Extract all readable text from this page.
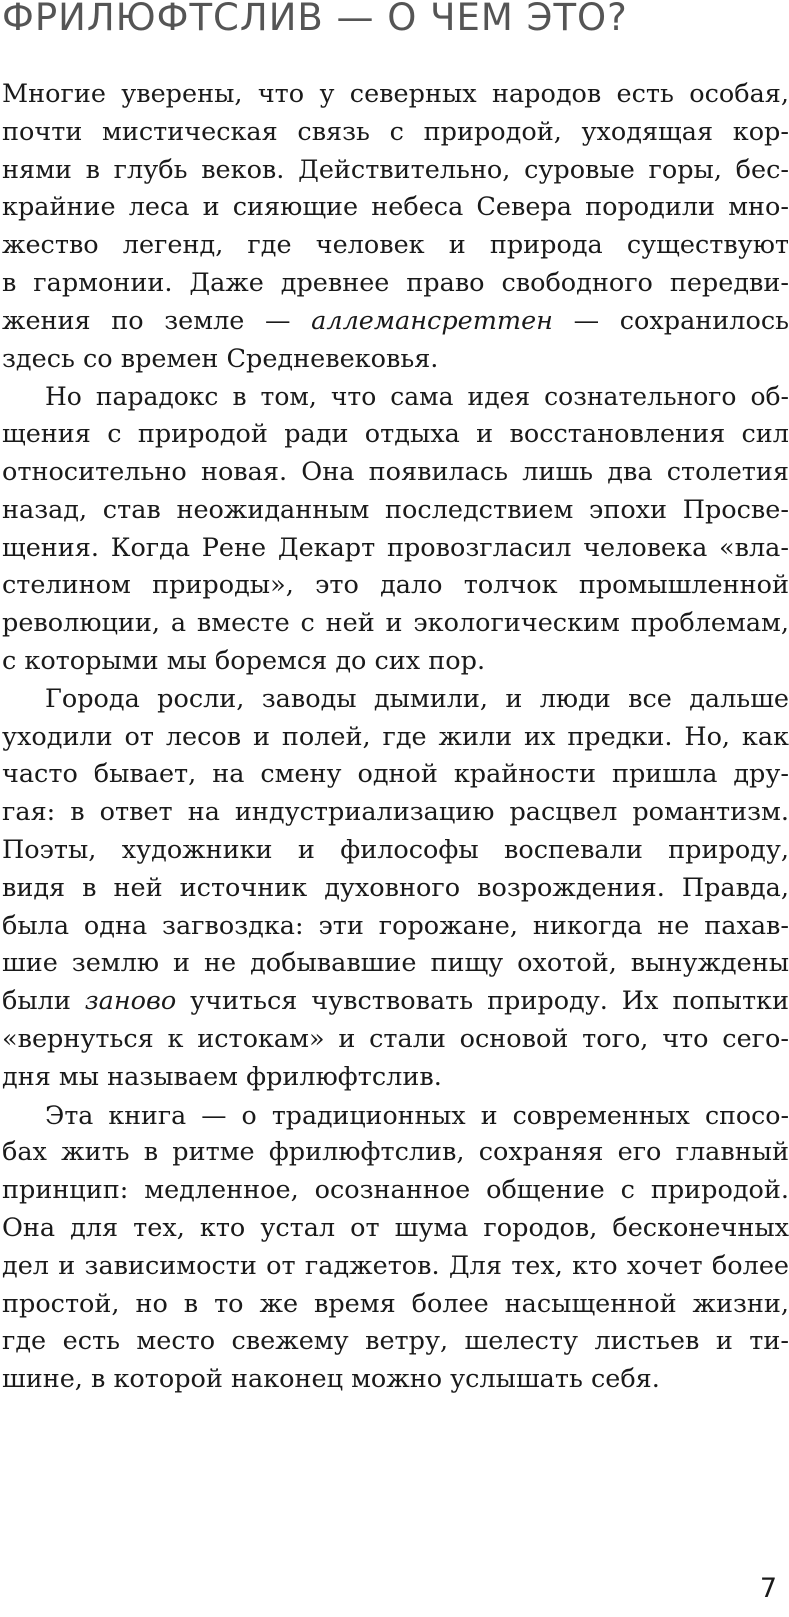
ФРИЛЮФТСЛИВ — О ЧЕМ ЭТО?
Многие уверены, что у северных народов есть особая,
почти мистическая связь с природой, уходящая кор-
нями в глубь веков. Действительно, суровые горы, бес-
крайние леса и сияющие небеса Севера породили мно-
жество легенд, где человек и природа существуют
в гармонии. Даже древнее право свободного передви-
жения по земле — аллемансреттен — сохранилось
здесь со времен Средневековья.
Но парадокс в том, что сама идея сознательного об-
щения с природой ради отдыха и восстановления сил
относительно новая. Она появилась лишь два столетия
назад, став неожиданным последствием эпохи Просве-
щения. Когда Рене Декарт провозгласил человека «вла-
стелином природы», это дало толчок промышленной
революции, а вместе с ней и экологическим проблемам,
с которыми мы боремся до сих пор.
Города росли, заводы дымили, и люди все дальше
уходили от лесов и полей, где жили их предки. Но, как
часто бывает, на смену одной крайности пришла дру-
гая: в ответ на индустриализацию расцвел романтизм.
Поэты, художники и философы воспевали природу,
видя в ней источник духовного возрождения. Правда,
была одна загвоздка: эти горожане, никогда не пахав-
шие землю и не добывавшие пищу охотой, вынуждены
были заново учиться чувствовать природу. Их попытки
«вернуться к истокам» и стали основой того, что сего-
дня мы называем фрилюфтслив.
Эта книга — о традиционных и современных спосо-
бах жить в ритме фрилюфтслив, сохраняя его главный
принцип: медленное, осознанное общение с природой.
Она для тех, кто устал от шума городов, бесконечных
дел и зависимости от гаджетов. Для тех, кто хочет более
простой, но в то же время более насыщенной жизни,
где есть место свежему ветру, шелесту листьев и ти-
шине, в которой наконец можно услышать себя.
7
